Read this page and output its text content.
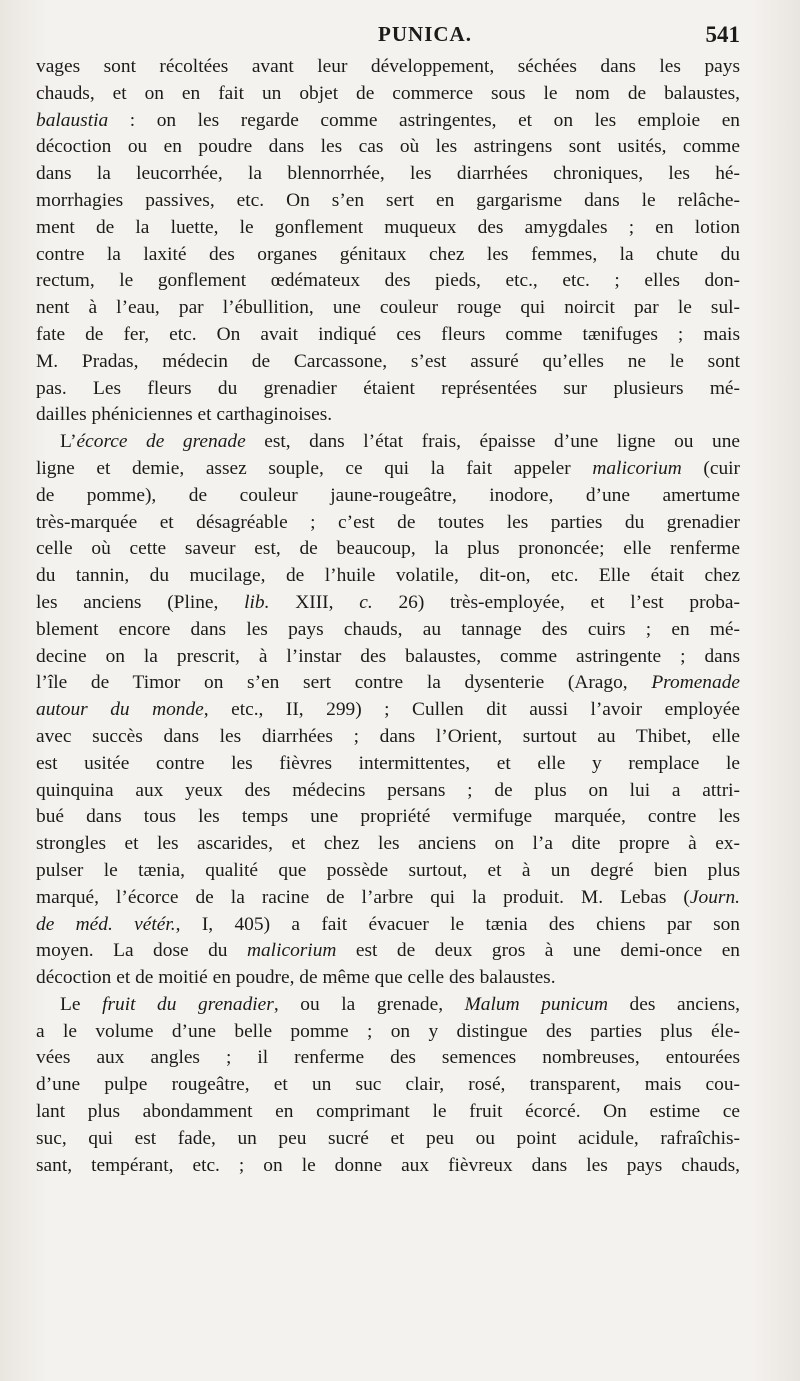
PUNICA.	541
vages sont récoltées avant leur développement, séchées dans les pays
chauds, et on en fait un objet de commerce sous le nom de balaustes,
balaustia : on les regarde comme astringentes, et on les emploie en
décoction ou en poudre dans les cas où les astringens sont usités, comme
dans la leucorrhée, la blennorrhée, les diarrhées chroniques, les hé-
morrhagies passives, etc. On s’en sert en gargarisme dans le relâche-
ment de la luette, le gonflement muqueux des amygdales ; en lotion
contre la laxité des organes génitaux chez les femmes, la chute du
rectum, le gonflement œdémateux des pieds, etc., etc. ; elles don-
nent à l’eau, par l’ébullition, une couleur rouge qui noircit par le sul-
fate de fer, etc. On avait indiqué ces fleurs comme tænifuges ; mais
M. Pradas, médecin de Carcassone, s’est assuré qu’elles ne le sont
pas. Les fleurs du grenadier étaient représentées sur plusieurs mé-
dailles phéniciennes et carthaginoises.
L’écorce de grenade est, dans l’état frais, épaisse d’une ligne ou une
ligne et demie, assez souple, ce qui la fait appeler malicorium (cuir
de pomme), de couleur jaune-rougeâtre, inodore, d’une amertume
très-marquée et désagréable ; c’est de toutes les parties du grenadier
celle où cette saveur est, de beaucoup, la plus prononcée; elle renferme
du tannin, du mucilage, de l’huile volatile, dit-on, etc. Elle était chez
les anciens (Pline, lib. XIII, c. 26) très-employée, et l’est proba-
blement encore dans les pays chauds, au tannage des cuirs ; en mé-
decine on la prescrit, à l’instar des balaustes, comme astringente ; dans
l’île de Timor on s’en sert contre la dysenterie (Arago, Promenade
autour du monde, etc., II, 299) ; Cullen dit aussi l’avoir employée
avec succès dans les diarrhées ; dans l’Orient, surtout au Thibet, elle
est usitée contre les fièvres intermittentes, et elle y remplace le
quinquina aux yeux des médecins persans ; de plus on lui a attri-
bué dans tous les temps une propriété vermifuge marquée, contre les
strongles et les ascarides, et chez les anciens on l’a dite propre à ex-
pulser le tænia, qualité que possède surtout, et à un degré bien plus
marqué, l’écorce de la racine de l’arbre qui la produit. M. Lebas (Journ.
de méd. vétér., I, 405) a fait évacuer le tænia des chiens par son
moyen. La dose du malicorium est de deux gros à une demi-once en
décoction et de moitié en poudre, de même que celle des balaustes.
Le fruit du grenadier, ou la grenade, Malum punicum des anciens,
a le volume d’une belle pomme ; on y distingue des parties plus éle-
vées aux angles ; il renferme des semences nombreuses, entourées
d’une pulpe rougeâtre, et un suc clair, rosé, transparent, mais cou-
lant plus abondamment en comprimant le fruit écorcé. On estime ce
suc, qui est fade, un peu sucré et peu ou point acidule, rafraîchis-
sant, tempérant, etc. ; on le donne aux fièvreux dans les pays chauds,
